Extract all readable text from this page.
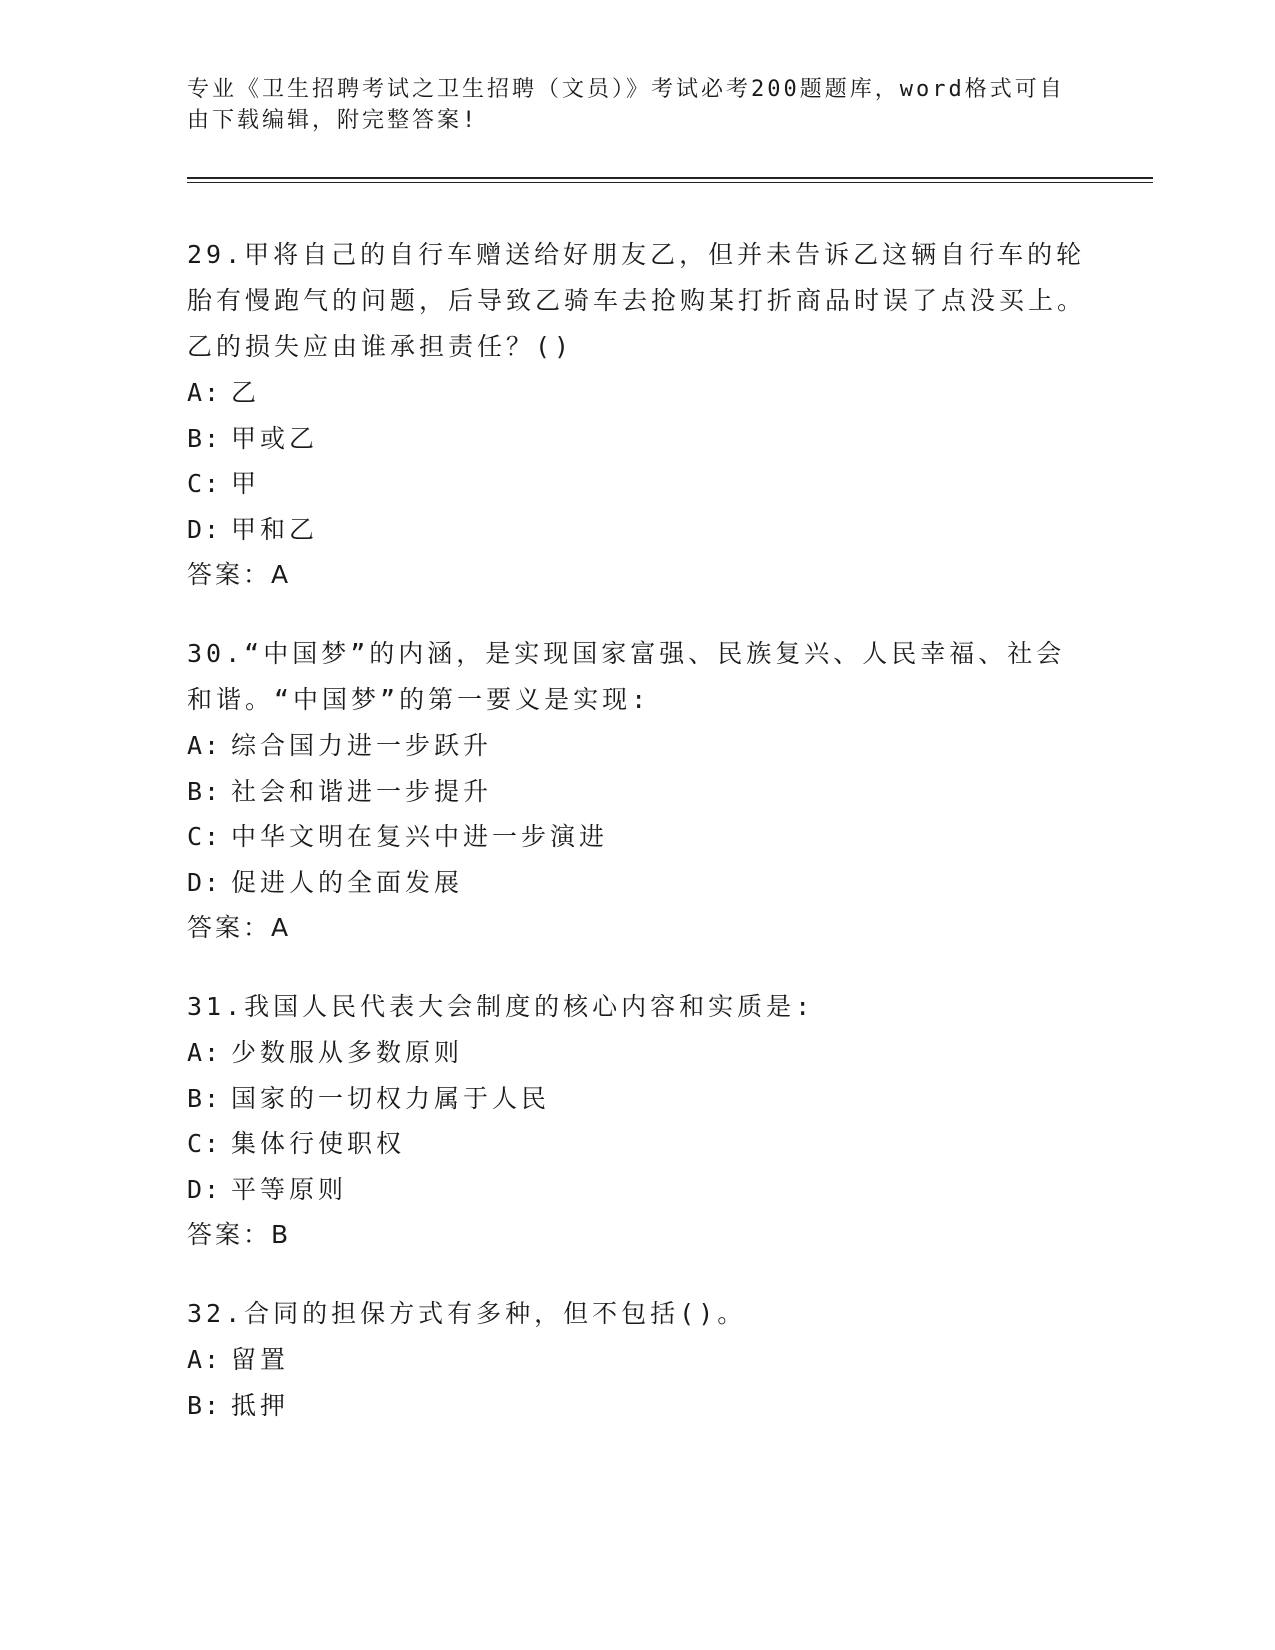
专业《卫生招聘考试之卫生招聘（文员）》考试必考200题题库，word格式可自由下载编辑，附完整答案!
29.甲将自己的自行车赠送给好朋友乙，但并未告诉乙这辆自行车的轮胎有慢跑气的问题，后导致乙骑车去抢购某打折商品时误了点没买上。乙的损失应由谁承担责任？()
A: 乙
B: 甲或乙
C: 甲
D: 甲和乙
答案：A
30.“中国梦”的内涵，是实现国家富强、民族复兴、人民幸福、社会和谐。“中国梦”的第一要义是实现:
A: 综合国力进一步跃升
B: 社会和谐进一步提升
C: 中华文明在复兴中进一步演进
D: 促进人的全面发展
答案：A
31.我国人民代表大会制度的核心内容和实质是:
A: 少数服从多数原则
B: 国家的一切权力属于人民
C: 集体行使职权
D: 平等原则
答案：B
32.合同的担保方式有多种，但不包括()。
A: 留置
B: 抵押
